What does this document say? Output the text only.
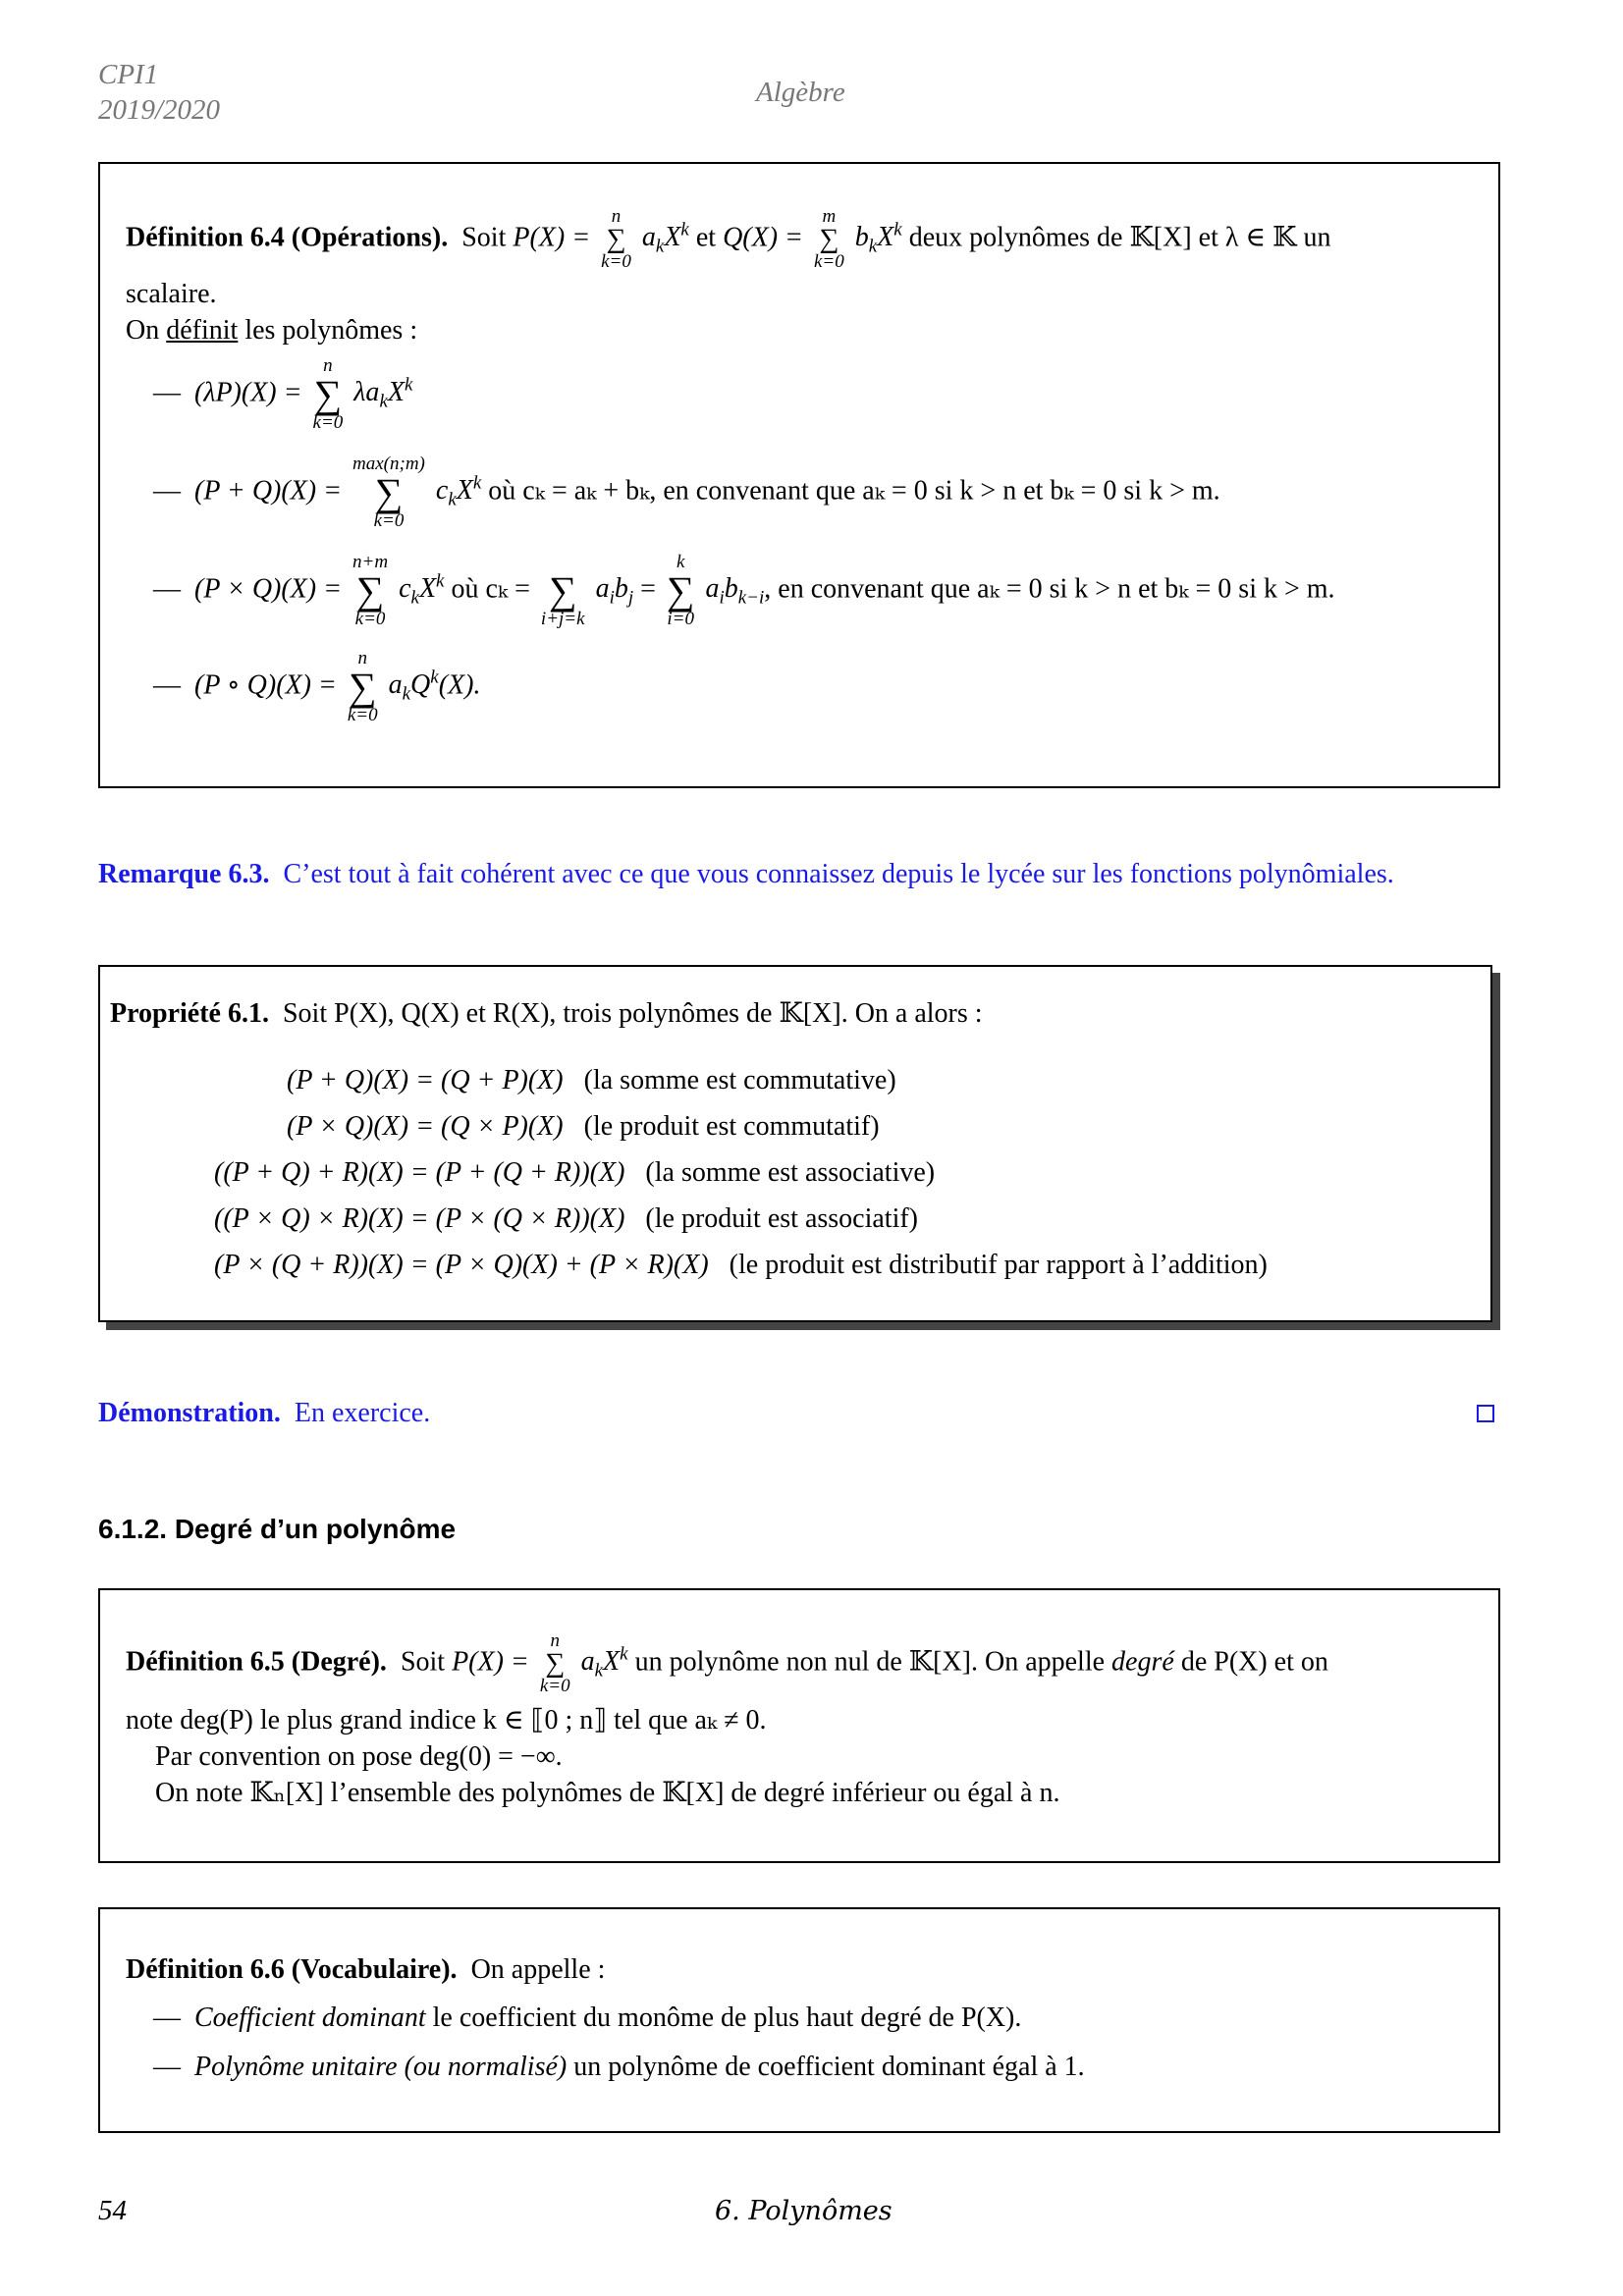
CPI1
2019/2020
Algèbre
Définition 6.4 (Opérations). Soit P(X) =
n
∑
k=0
$a_kX^k$ et Q(X) =
m
∑
k=0
$b_kX^k$ deux polynômes de 𝕂[X] et λ ∈ 𝕂 un
scalaire.
On définit les polynômes :
—  (λP)(X) =
n
∑
k=0
$\lambda a_kX^k$
—  (P + Q)(X) =
max(n;m)
∑
k=0
$c_kX^k$ où cₖ = aₖ + bₖ, en convenant que aₖ = 0 si k > n et bₖ = 0 si k > m.
—  (P × Q)(X) =
n+m
∑
k=0
$c_kX^k$ où cₖ =
∑
i+j=k
$a_ib_j$ =
k
∑
i=0
$a_ib_{k-i}$, en convenant que aₖ = 0 si k > n et bₖ = 0 si k > m.
—  (P ∘ Q)(X) =
n
∑
k=0
$a_kQ^k(X)$.
Remarque 6.3. C’est tout à fait cohérent avec ce que vous connaissez depuis le lycée sur les fonctions polynômiales.
Propriété 6.1. Soit P(X), Q(X) et R(X), trois polynômes de 𝕂[X]. On a alors :
(P + Q)(X) = (Q + P)(X) (la somme est commutative)
(P × Q)(X) = (Q × P)(X) (le produit est commutatif)
((P + Q) + R)(X) = (P + (Q + R))(X) (la somme est associative)
((P × Q) × R)(X) = (P × (Q × R))(X) (le produit est associatif)
(P × (Q + R))(X) = (P × Q)(X) + (P × R)(X) (le produit est distributif par rapport à l’addition)
Démonstration. En exercice.
6.1.2. Degré d’un polynôme
Définition 6.5 (Degré). Soit P(X) =
n
∑
k=0
$a_kX^k$ un polynôme non nul de 𝕂[X]. On appelle degré de P(X) et on
note deg(P) le plus grand indice k ∈ ⟦0 ; n⟧ tel que aₖ ≠ 0.
Par convention on pose deg(0) = −∞.
On note 𝕂ₙ[X] l’ensemble des polynômes de 𝕂[X] de degré inférieur ou égal à n.
Définition 6.6 (Vocabulaire). On appelle :
—  Coefficient dominant le coefficient du monôme de plus haut degré de P(X).
—  Polynôme unitaire (ou normalisé) un polynôme de coefficient dominant égal à 1.
54	6. Polynômes
